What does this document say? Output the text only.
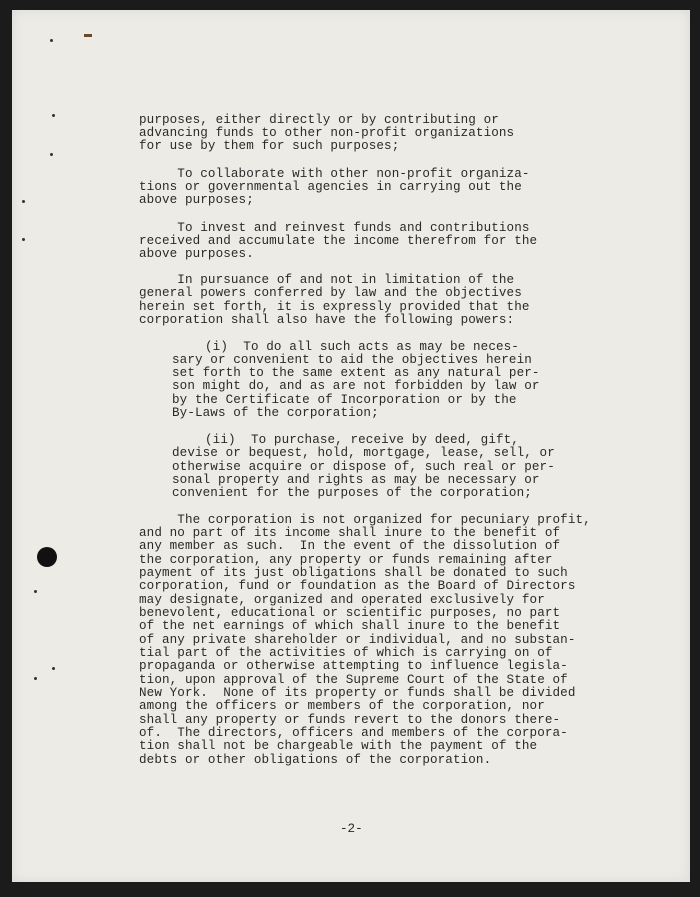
purposes, either directly or by contributing or
advancing funds to other non-profit organizations
for use by them for such purposes;
To collaborate with other non-profit organiza-
tions or governmental agencies in carrying out the
above purposes;
To invest and reinvest funds and contributions
received and accumulate the income therefrom for the
above purposes.
In pursuance of and not in limitation of the
general powers conferred by law and the objectives
herein set forth, it is expressly provided that the
corporation shall also have the following powers:
(i)  To do all such acts as may be neces-
sary or convenient to aid the objectives herein
set forth to the same extent as any natural per-
son might do, and as are not forbidden by law or
by the Certificate of Incorporation or by the
By-Laws of the corporation;
(ii)  To purchase, receive by deed, gift,
devise or bequest, hold, mortgage, lease, sell, or
otherwise acquire or dispose of, such real or per-
sonal property and rights as may be necessary or
convenient for the purposes of the corporation;
The corporation is not organized for pecuniary profit,
and no part of its income shall inure to the benefit of
any member as such.  In the event of the dissolution of
the corporation, any property or funds remaining after
payment of its just obligations shall be donated to such
corporation, fund or foundation as the Board of Directors
may designate, organized and operated exclusively for
benevolent, educational or scientific purposes, no part
of the net earnings of which shall inure to the benefit
of any private shareholder or individual, and no substan-
tial part of the activities of which is carrying on of
propaganda or otherwise attempting to influence legisla-
tion, upon approval of the Supreme Court of the State of
New York.  None of its property or funds shall be divided
among the officers or members of the corporation, nor
shall any property or funds revert to the donors there-
of.  The directors, officers and members of the corpora-
tion shall not be chargeable with the payment of the
debts or other obligations of the corporation.
-2-
